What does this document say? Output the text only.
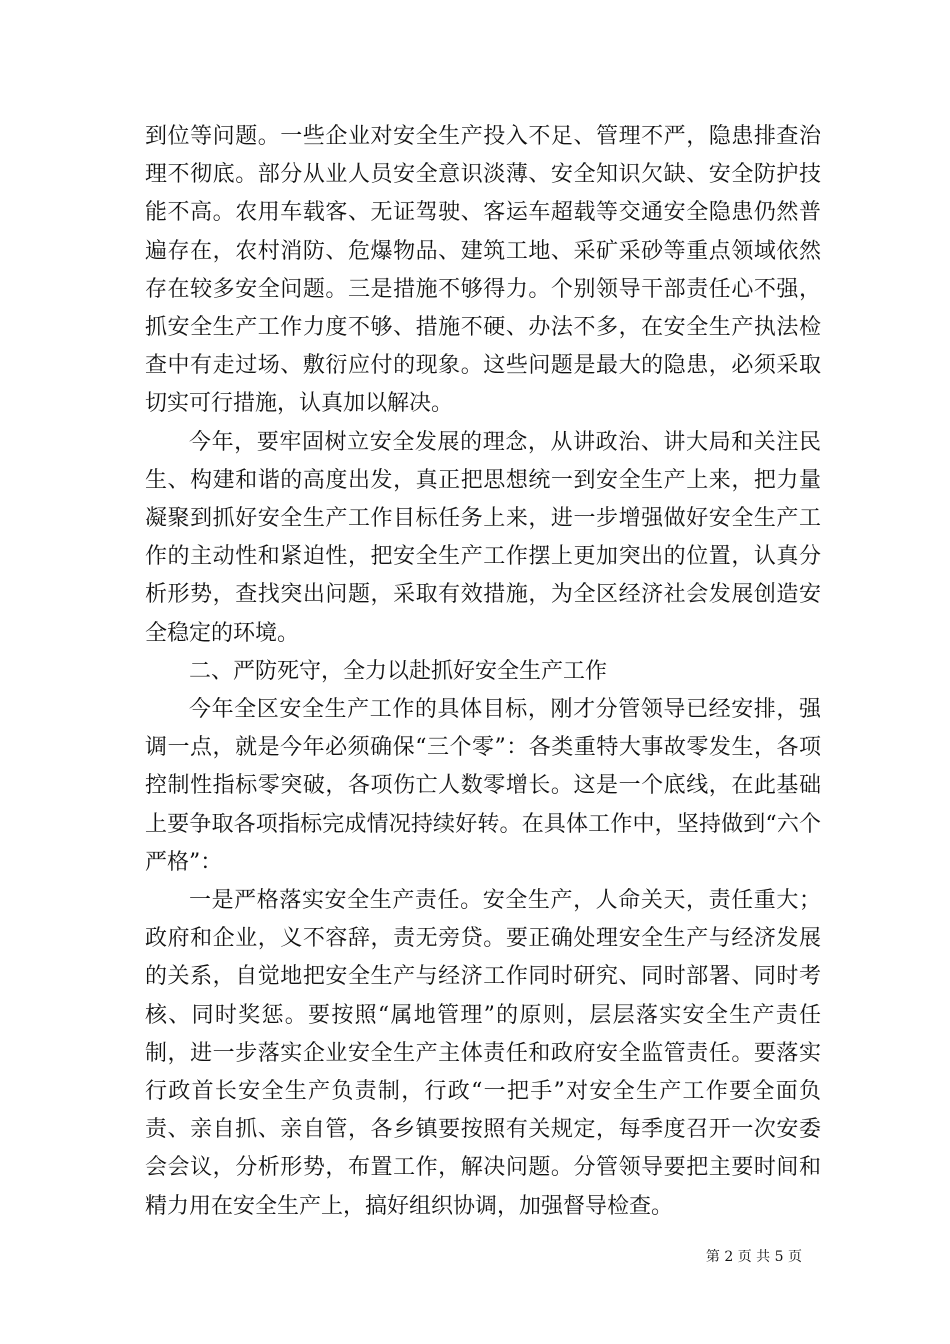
到位等问题。一些企业对安全生产投入不足、管理不严，隐患排查治理不彻底。部分从业人员安全意识淡薄、安全知识欠缺、安全防护技能不高。农用车载客、无证驾驶、客运车超载等交通安全隐患仍然普遍存在，农村消防、危爆物品、建筑工地、采矿采砂等重点领域依然存在较多安全问题。三是措施不够得力。个别领导干部责任心不强，抓安全生产工作力度不够、措施不硬、办法不多，在安全生产执法检查中有走过场、敷衍应付的现象。这些问题是最大的隐患，必须采取切实可行措施，认真加以解决。

今年，要牢固树立安全发展的理念，从讲政治、讲大局和关注民生、构建和谐的高度出发，真正把思想统一到安全生产上来，把力量凝聚到抓好安全生产工作目标任务上来，进一步增强做好安全生产工作的主动性和紧迫性，把安全生产工作摆上更加突出的位置，认真分析形势，查找突出问题，采取有效措施，为全区经济社会发展创造安全稳定的环境。

二、严防死守，全力以赴抓好安全生产工作

今年全区安全生产工作的具体目标，刚才分管领导已经安排，强调一点，就是今年必须确保“三个零”：各类重特大事故零发生，各项控制性指标零突破，各项伤亡人数零增长。这是一个底线，在此基础上要争取各项指标完成情况持续好转。在具体工作中，坚持做到“六个严格”：

一是严格落实安全生产责任。安全生产，人命关天，责任重大；政府和企业，义不容辞，责无旁贷。要正确处理安全生产与经济发展的关系，自觉地把安全生产与经济工作同时研究、同时部署、同时考核、同时奖惩。要按照“属地管理”的原则，层层落实安全生产责任制，进一步落实企业安全生产主体责任和政府安全监管责任。要落实行政首长安全生产负责制，行政“一把手”对安全生产工作要全面负责、亲自抓、亲自管，各乡镇要按照有关规定，每季度召开一次安委会会议，分析形势，布置工作，解决问题。分管领导要把主要时间和精力用在安全生产上，搞好组织协调，加强督导检查。

第 2 页 共 5 页
